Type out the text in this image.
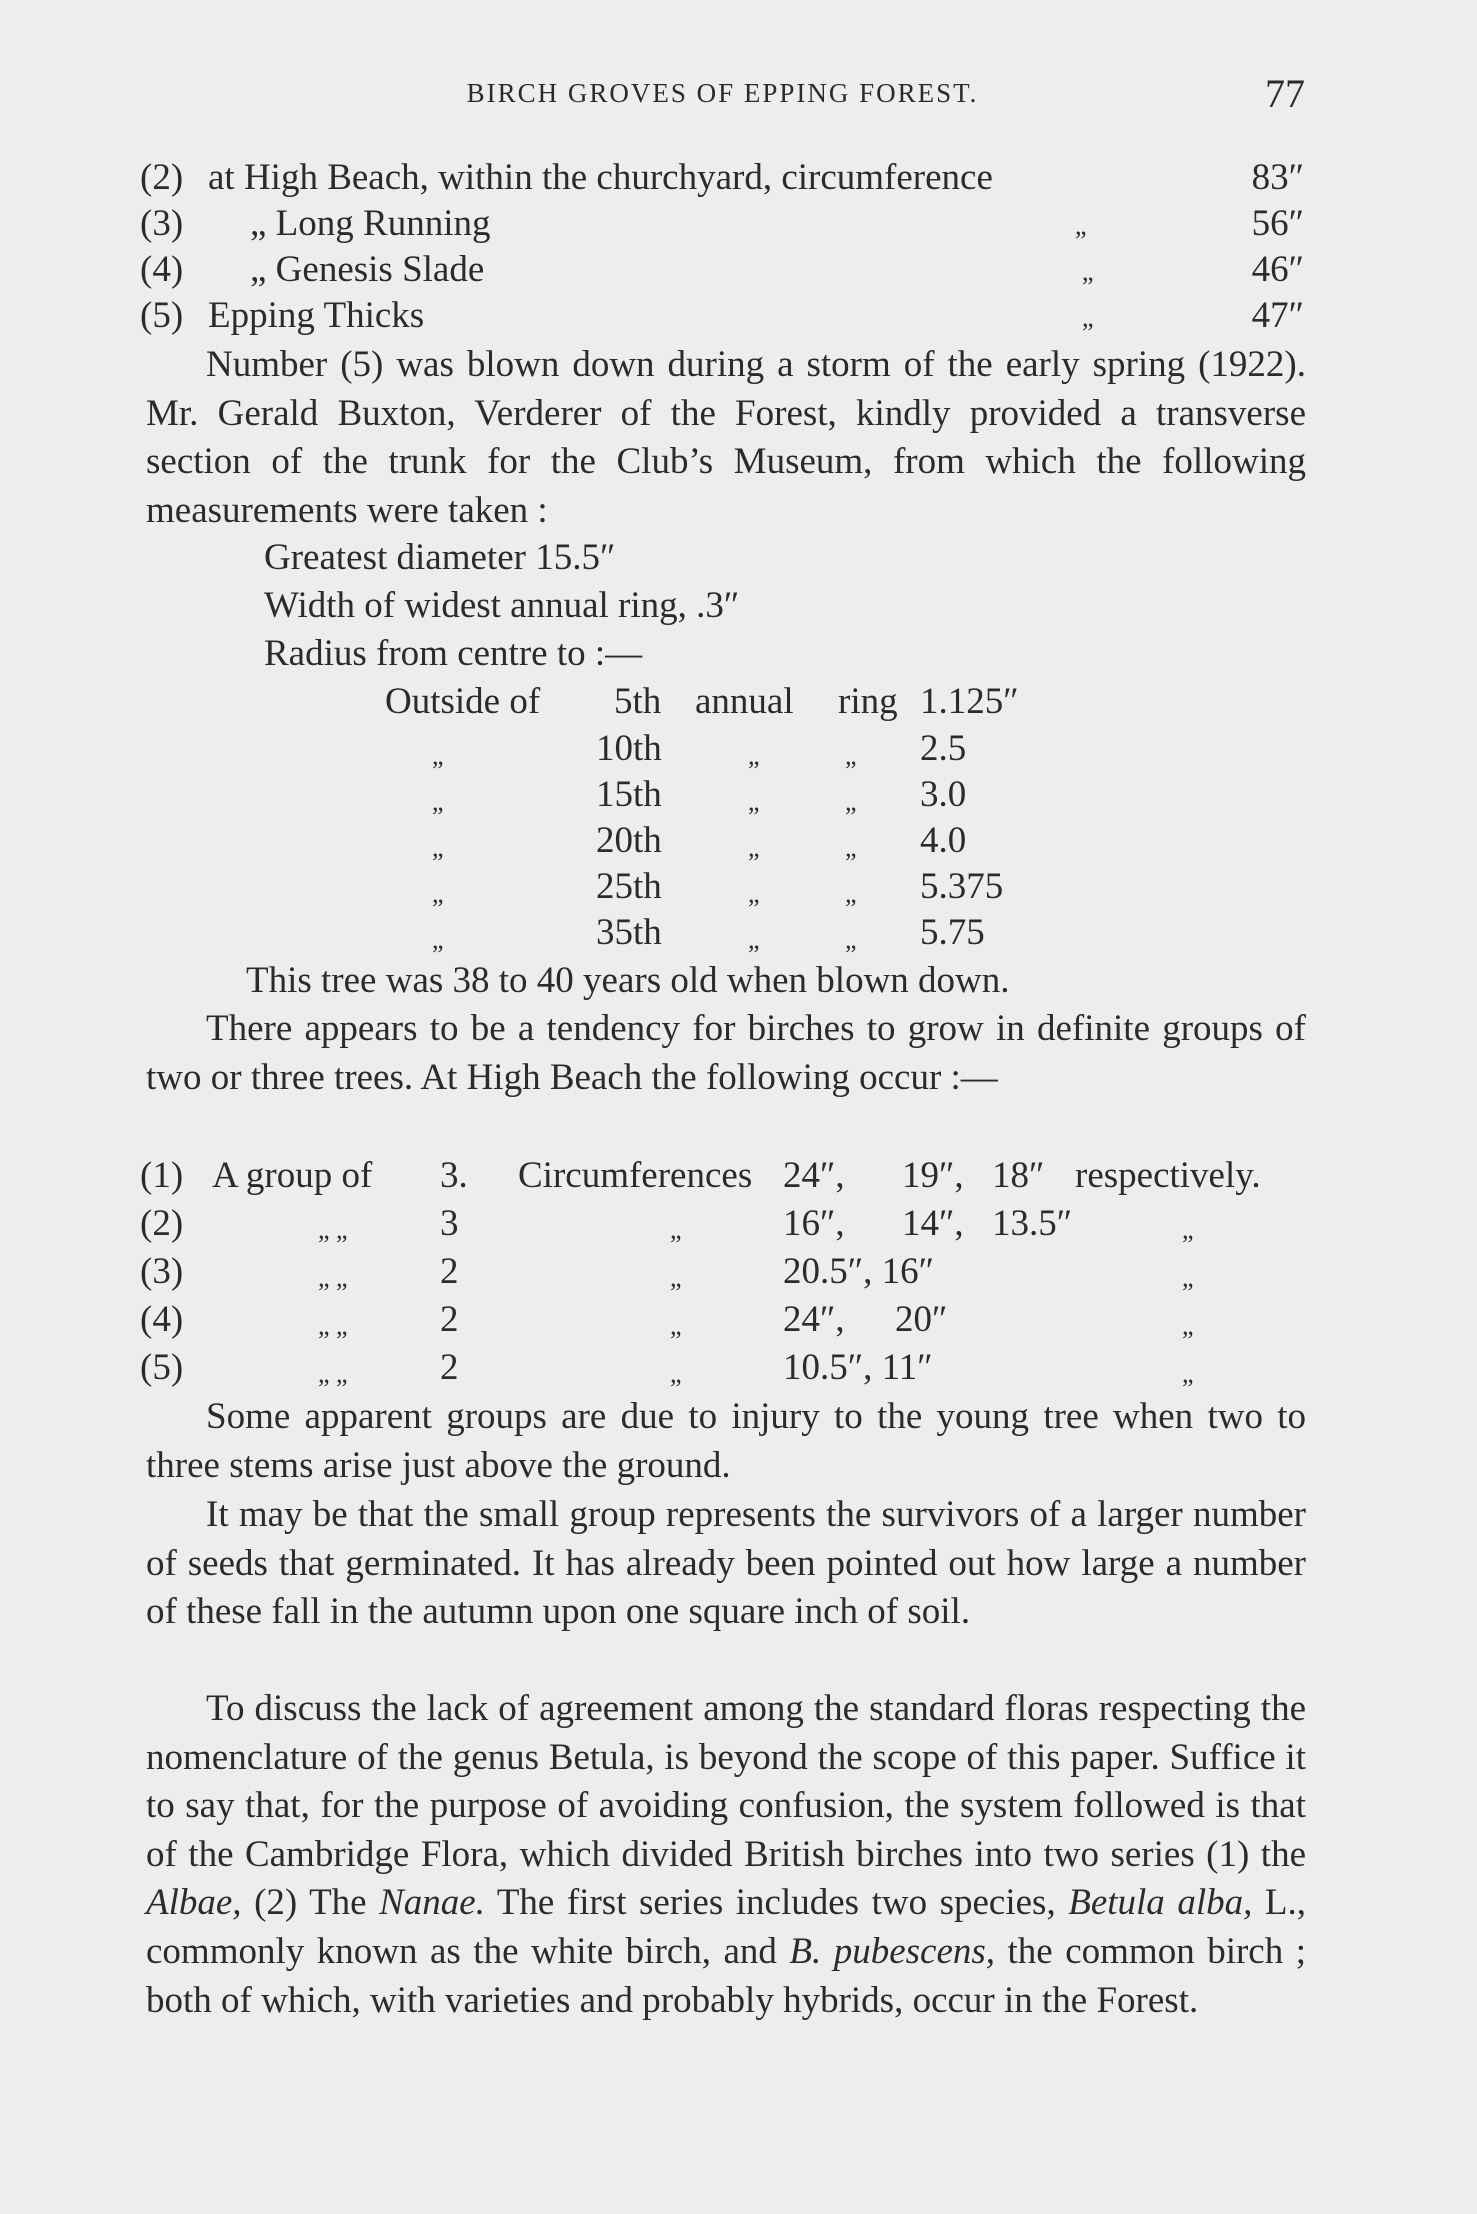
BIRCH GROVES OF EPPING FOREST.	77
(2) at High Beach, within the churchyard, circumference	83″
(3) „ Long Running	„	56″
(4) „ Genesis Slade	„	46″
(5) Epping Thicks	„	47″

Number (5) was blown down during a storm of the early spring (1922). Mr. Gerald Buxton, Verderer of the Forest, kindly provided a transverse section of the trunk for the Club’s Museum, from which the following measurements were taken :

Greatest diameter 15.5″
Width of widest annual ring, .3″
Radius from centre to :—
Outside of 5th annual ring 1.125″
„	10th	„	„ 2.5
„	15th	„	„ 3.0
„	20th	„	„ 4.0
„	25th	„	„ 5.375
„	35th	„	„ 5.75
This tree was 38 to 40 years old when blown down.

There appears to be a tendency for birches to grow in definite groups of two or three trees. At High Beach the following occur :—

(1) A group of 3. Circumferences 24″, 19″, 18″ respectively.
(2)	„ „ 3	„	16″, 14″, 13.5″	„
(3)	„ „ 2	„	20.5″, 16″	„
(4)	„ „ 2	„	24″, 20″	„
(5)	„ „ 2	„	10.5″, 11″	„

Some apparent groups are due to injury to the young tree when two to three stems arise just above the ground.

It may be that the small group represents the survivors of a larger number of seeds that germinated. It has already been pointed out how large a number of these fall in the autumn upon one square inch of soil.

To discuss the lack of agreement among the standard floras respecting the nomenclature of the genus Betula, is beyond the scope of this paper. Suffice it to say that, for the purpose of avoiding confusion, the system followed is that of the Cambridge Flora, which divided British birches into two series (1) the Albae, (2) The Nanae. The first series includes two species, Betula alba, L., commonly known as the white birch, and B. pubescens, the common birch ; both of which, with varieties and probably hybrids, occur in the Forest.
